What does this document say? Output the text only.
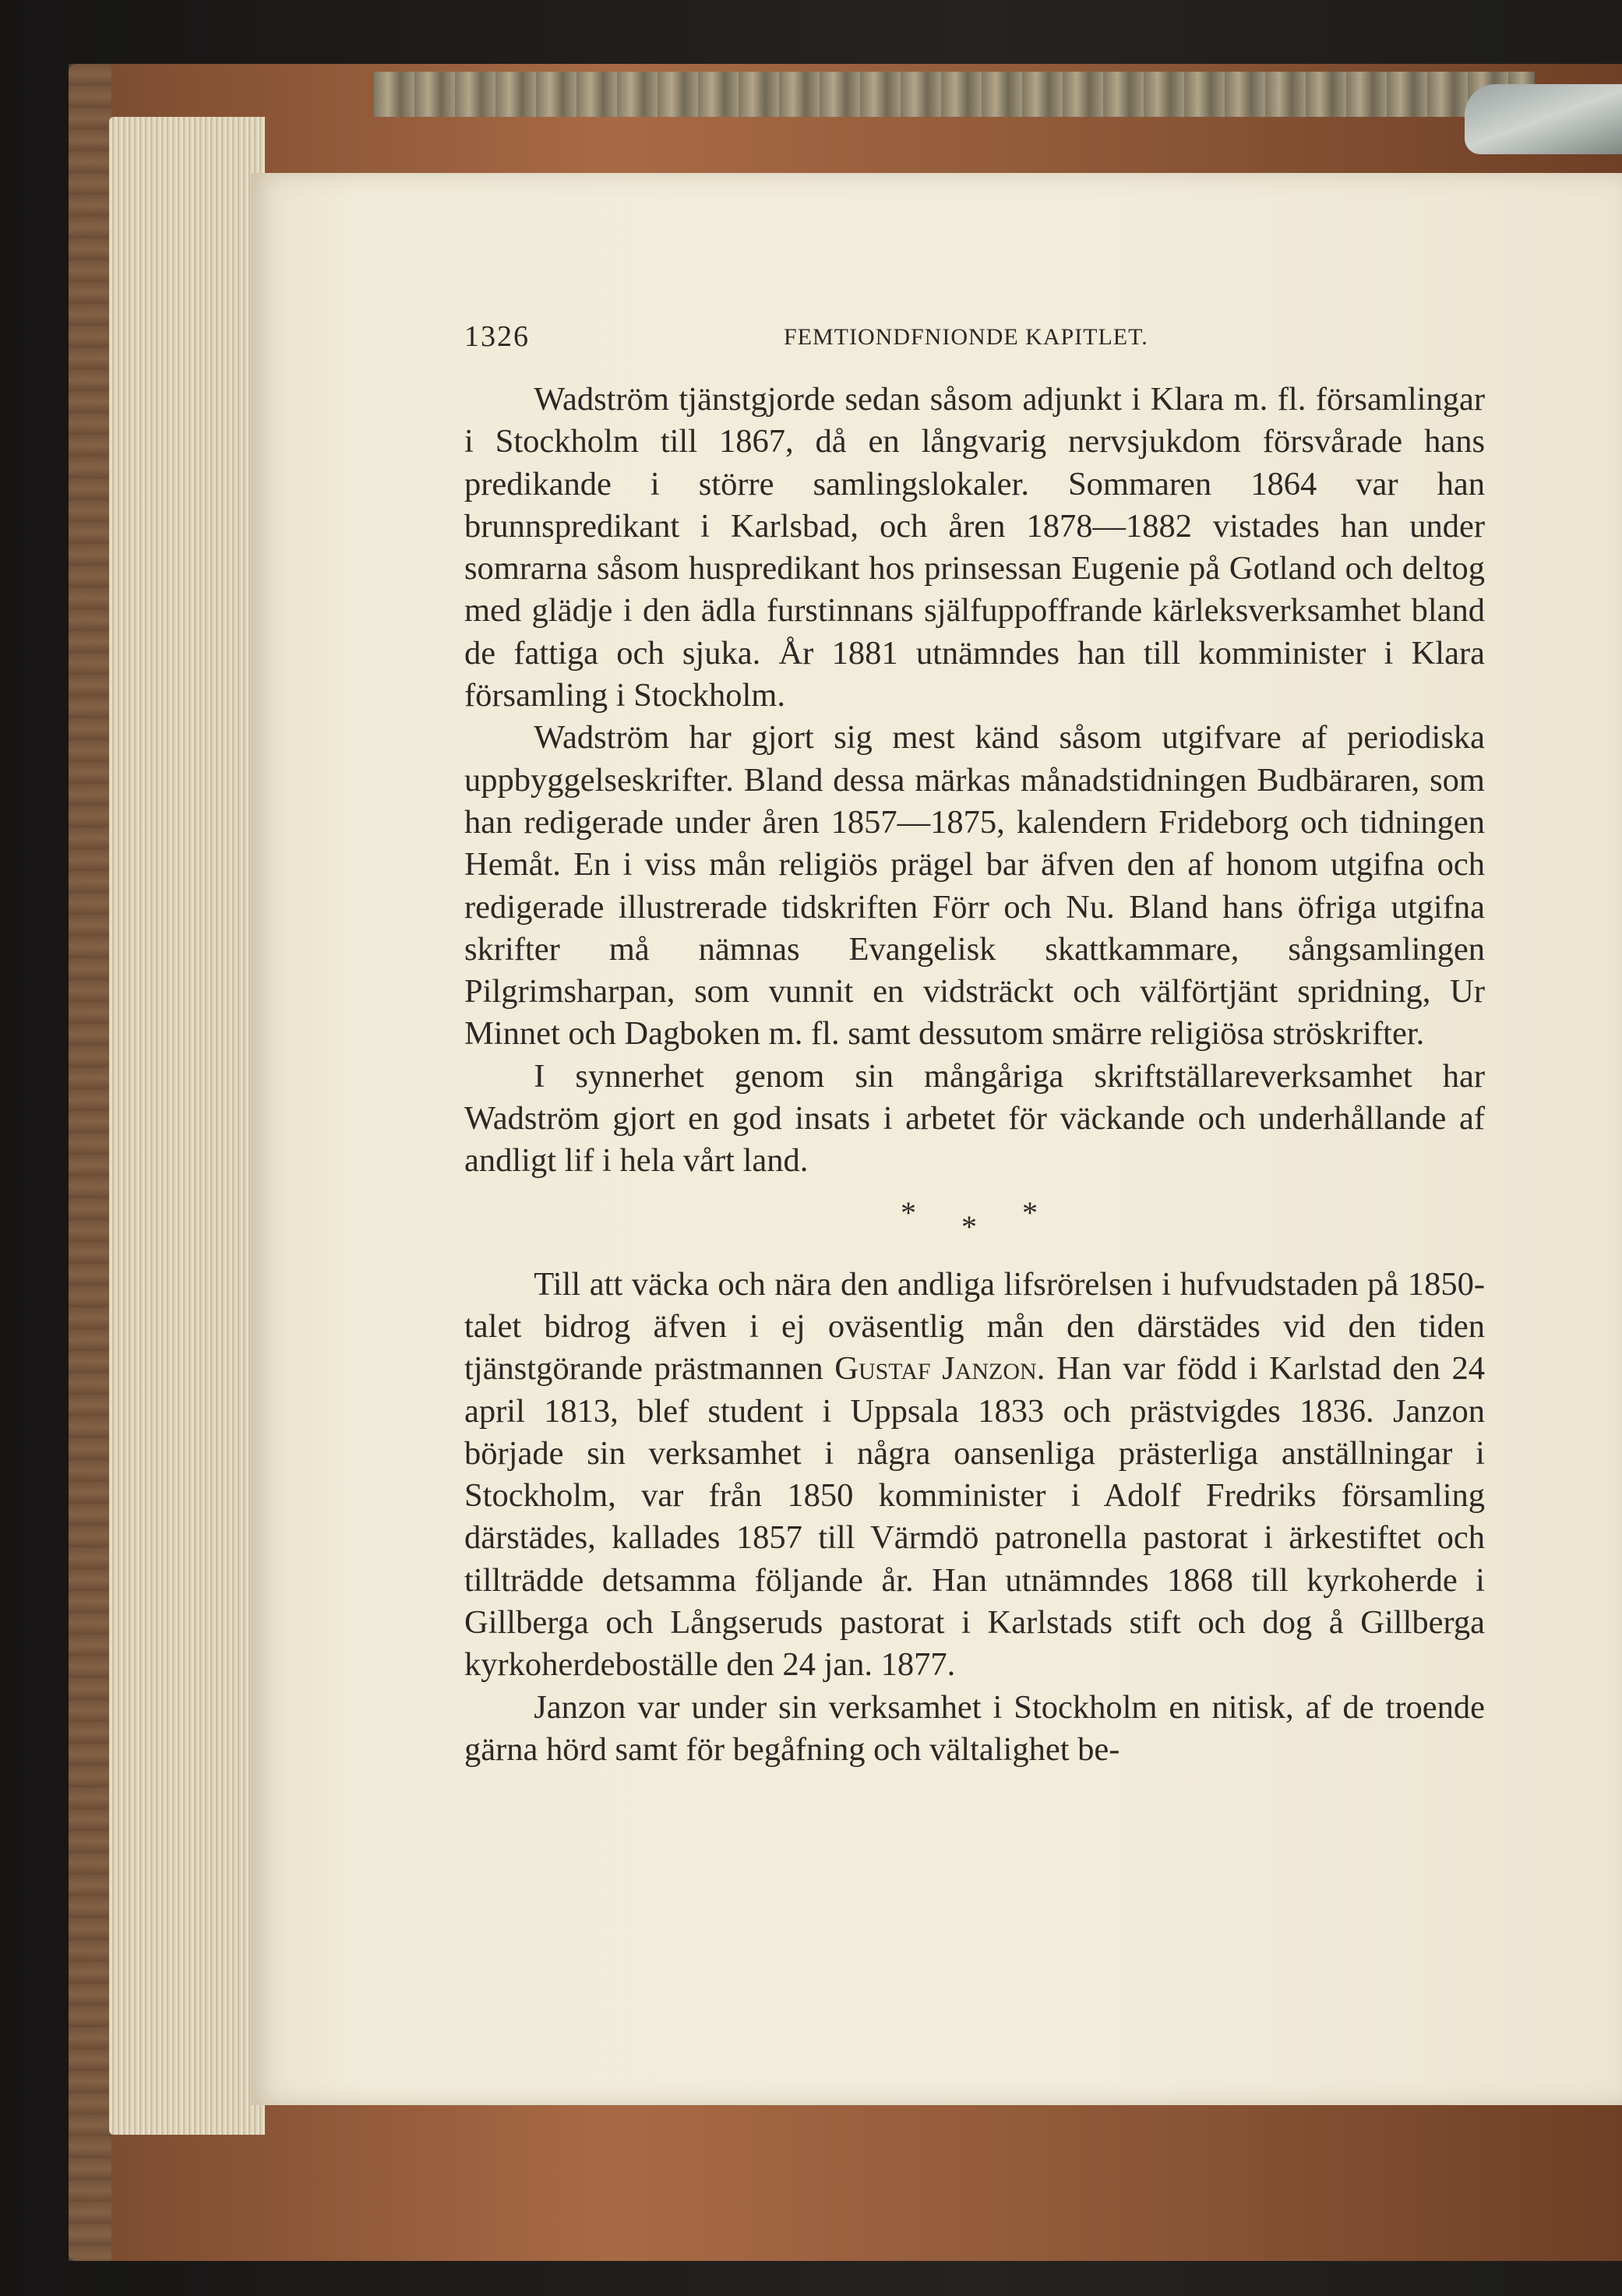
1326	FEMTIONDFNIONDE KAPITLET.

Wadström tjänstgjorde sedan såsom adjunkt i Klara m. fl. församlingar i Stockholm till 1867, då en långvarig nervsjukdom försvårade hans predikande i större samlingslokaler. Sommaren 1864 var han brunnspredikant i Karlsbad, och åren 1878—1882 vistades han under somrarna såsom huspredikant hos prinsessan Eugenie på Gotland och deltog med glädje i den ädla furstinnans själfuppoffrande kärleksverksamhet bland de fattiga och sjuka. År 1881 utnämndes han till komminister i Klara församling i Stockholm.

Wadström har gjort sig mest känd såsom utgifvare af periodiska uppbyggelseskrifter. Bland dessa märkas månadstidningen Budbäraren, som han redigerade under åren 1857—1875, kalendern Frideborg och tidningen Hemåt. En i viss mån religiös prägel bar äfven den af honom utgifna och redigerade illustrerade tidskriften Förr och Nu. Bland hans öfriga utgifna skrifter må nämnas Evangelisk skattkammare, sångsamlingen Pilgrimsharpan, som vunnit en vidsträckt och välförtjänt spridning, Ur Minnet och Dagboken m. fl. samt dessutom smärre religiösa ströskrifter.

I synnerhet genom sin mångåriga skriftställareverksamhet har Wadström gjort en god insats i arbetet för väckande och underhållande af andligt lif i hela vårt land.

* * *

Till att väcka och nära den andliga lifsrörelsen i hufvudstaden på 1850-talet bidrog äfven i ej oväsentlig mån den därstädes vid den tiden tjänstgörande prästmannen Gustaf Janzon. Han var född i Karlstad den 24 april 1813, blef student i Uppsala 1833 och prästvigdes 1836. Janzon började sin verksamhet i några oansenliga prästerliga anställningar i Stockholm, var från 1850 komminister i Adolf Fredriks församling därstädes, kallades 1857 till Värmdö patronella pastorat i ärkestiftet och tillträdde detsamma följande år. Han utnämndes 1868 till kyrkoherde i Gillberga och Långseruds pastorat i Karlstads stift och dog å Gillberga kyrkoherdeboställe den 24 jan. 1877.

Janzon var under sin verksamhet i Stockholm en nitisk, af de troende gärna hörd samt för begåfning och vältalighet be-
